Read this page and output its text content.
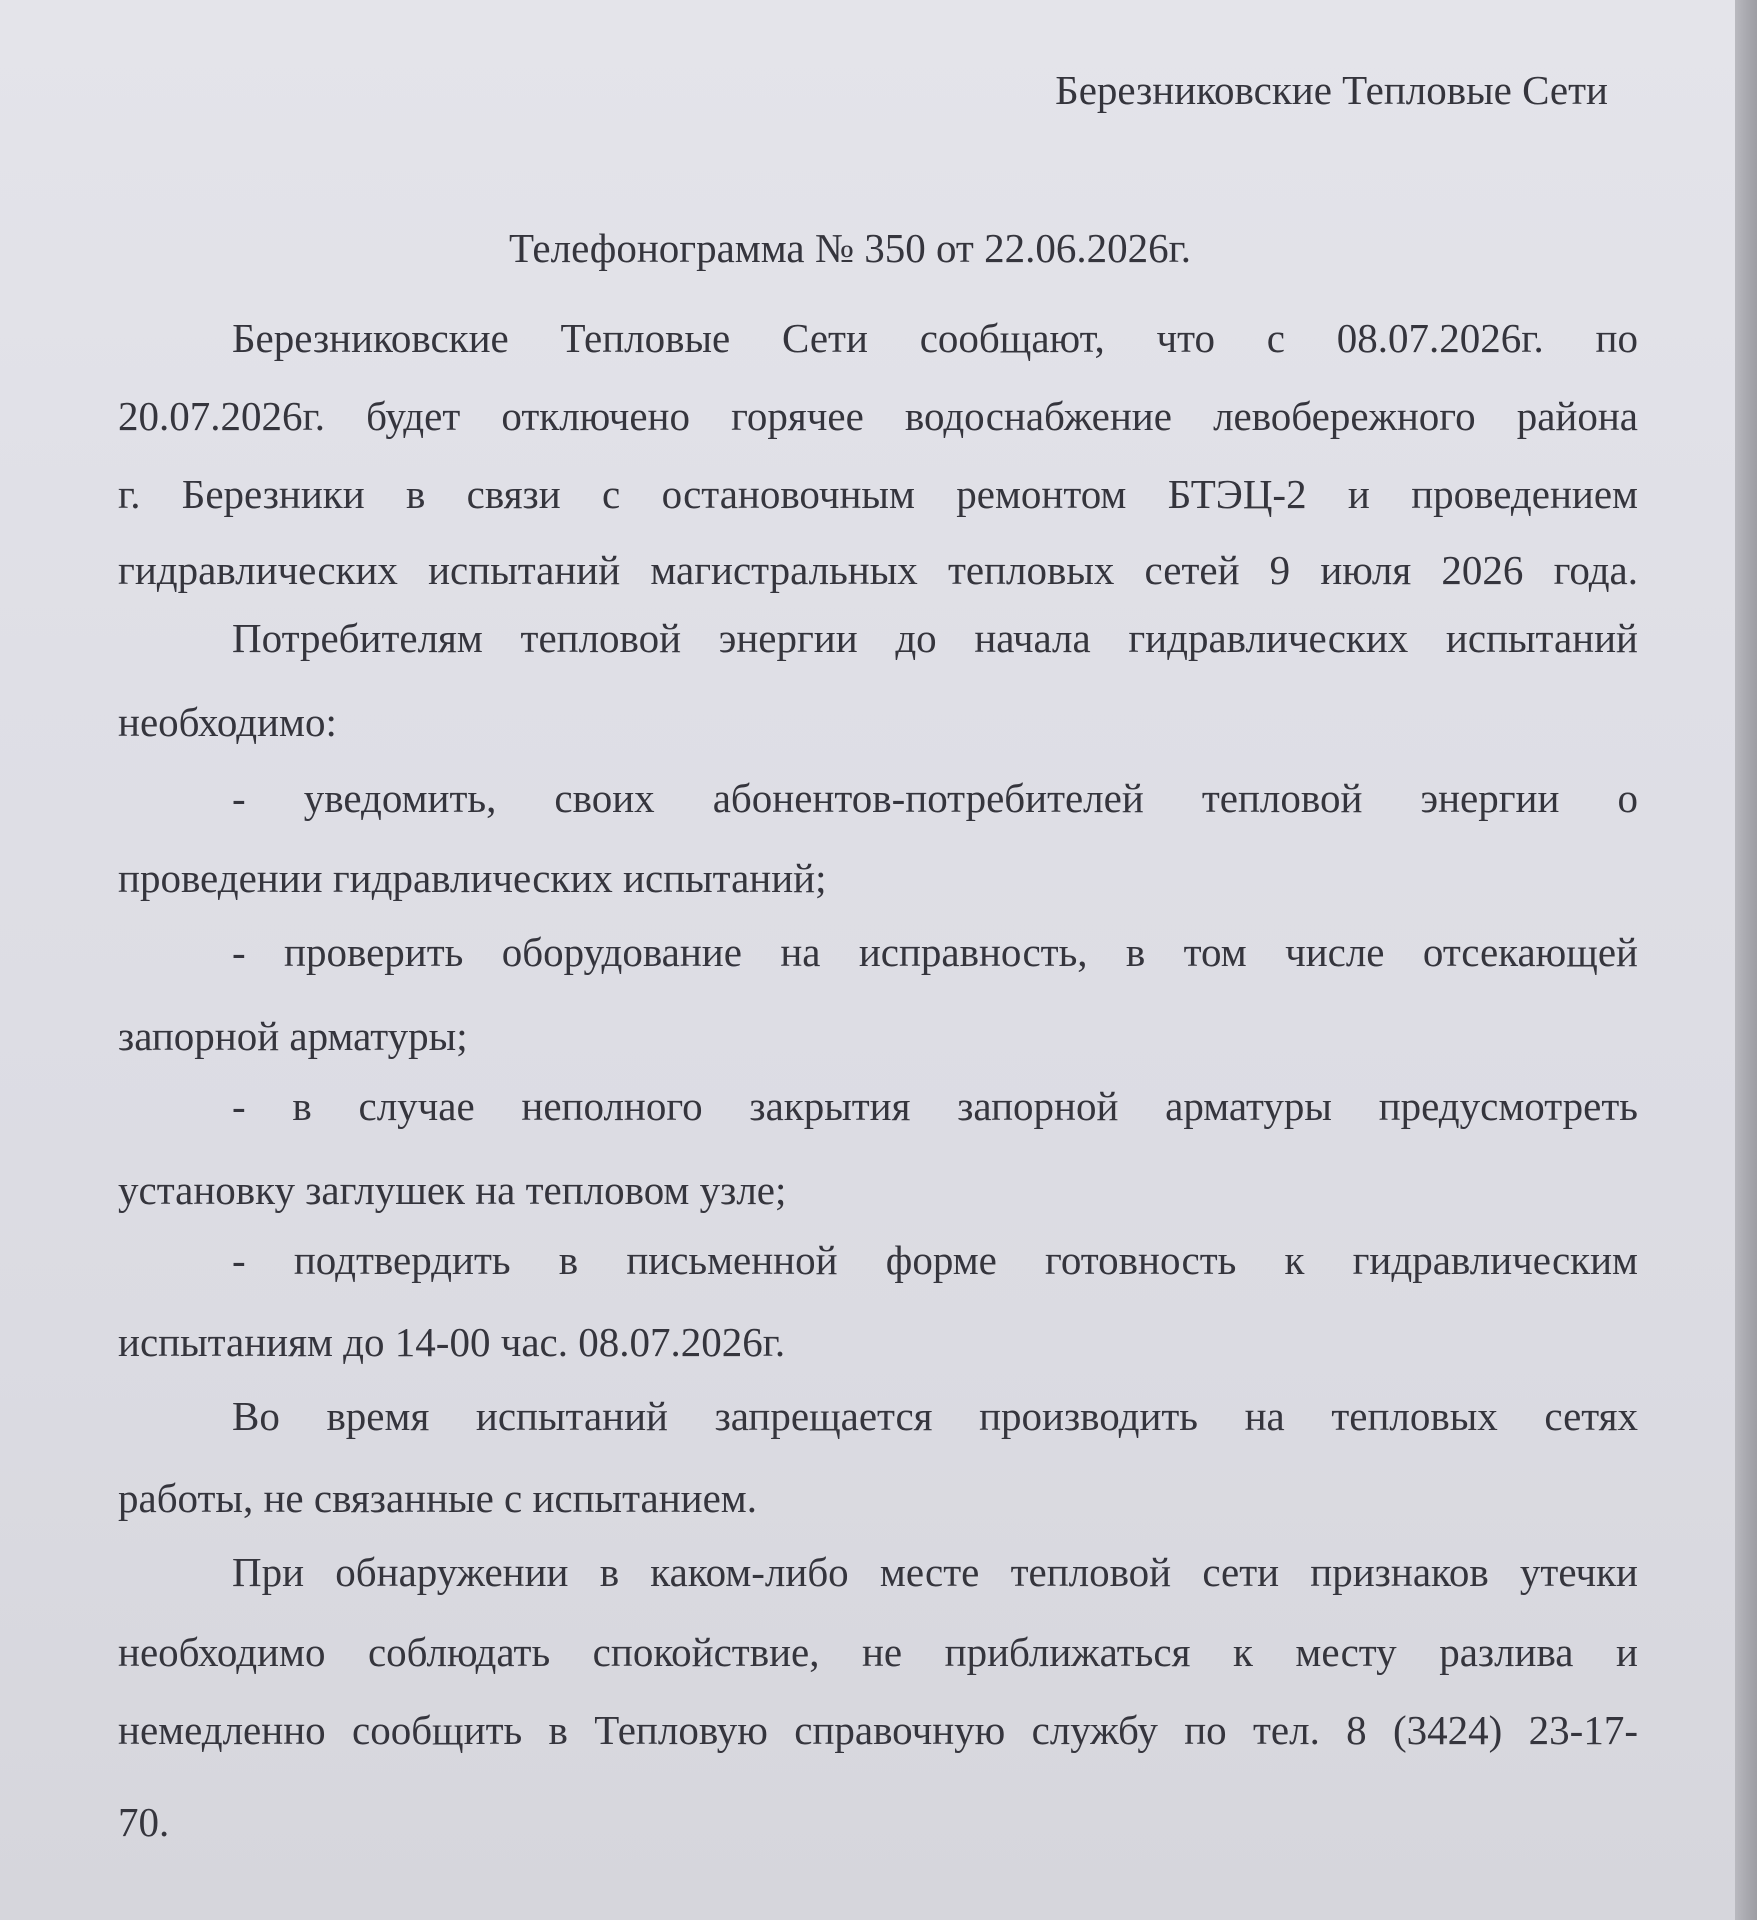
Березниковские Тепловые Сети

Телефонограмма № 350 от 22.06.2026г.

Березниковские Тепловые Сети сообщают, что с 08.07.2026г. по

20.07.2026г. будет отключено горячее водоснабжение левобережного района

г. Березники в связи с остановочным ремонтом БТЭЦ-2 и проведением

гидравлических испытаний магистральных тепловых сетей 9 июля 2026 года.

Потребителям тепловой энергии до начала гидравлических испытаний

необходимо:

- уведомить, своих абонентов-потребителей тепловой энергии о

проведении гидравлических испытаний;

- проверить оборудование на исправность, в том числе отсекающей

запорной арматуры;

- в случае неполного закрытия запорной арматуры предусмотреть

установку заглушек на тепловом узле;

- подтвердить в письменной форме готовность к гидравлическим

испытаниям до 14-00 час. 08.07.2026г.

Во время испытаний запрещается производить на тепловых сетях

работы, не связанные с испытанием.

При обнаружении в каком-либо месте тепловой сети признаков утечки

необходимо соблюдать спокойствие, не приближаться к месту разлива и

немедленно сообщить в Тепловую справочную службу по тел. 8 (3424) 23-17-

70.
